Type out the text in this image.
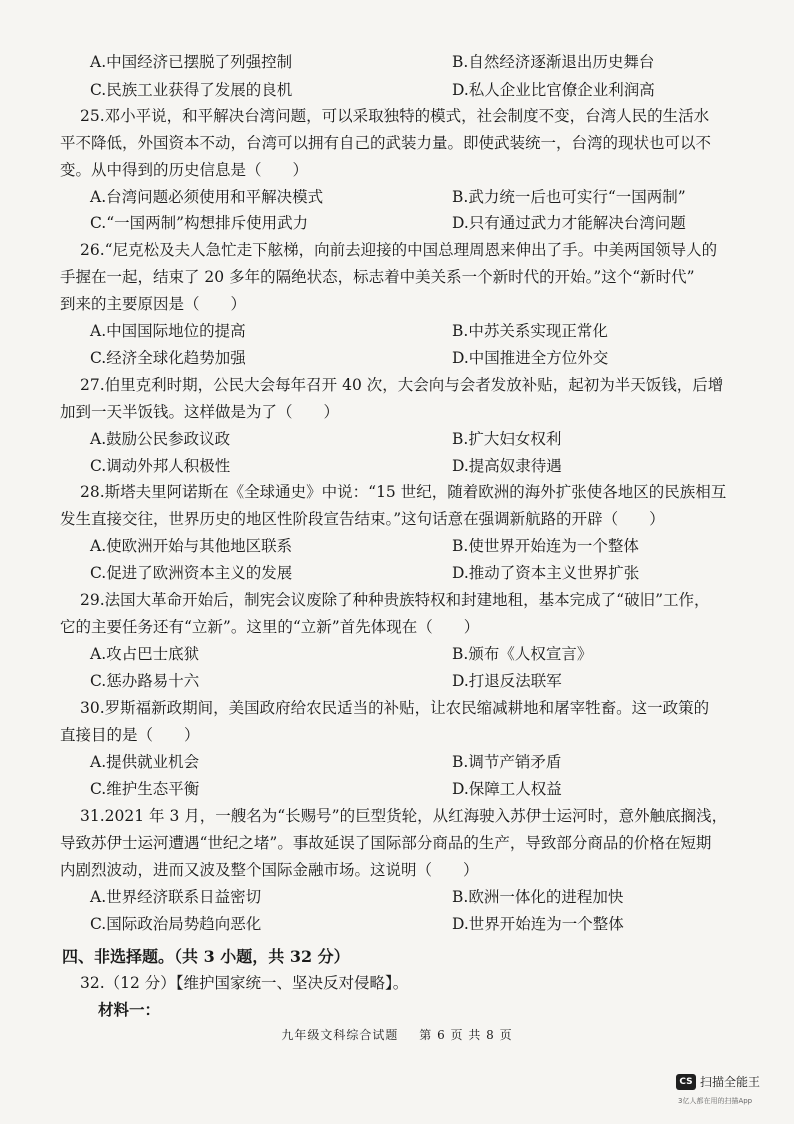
A.中国经济已摆脱了列强控制	B.自然经济逐渐退出历史舞台
C.民族工业获得了发展的良机	D.私人企业比官僚企业利润高
25.邓小平说，和平解决台湾问题，可以采取独特的模式，社会制度不变，台湾人民的生活水
平不降低，外国资本不动，台湾可以拥有自己的武装力量。即使武装统一，台湾的现状也可以不
变。从中得到的历史信息是（　　）
A.台湾问题必须使用和平解决模式	B.武力统一后也可实行“一国两制”
C.“一国两制”构想排斥使用武力	D.只有通过武力才能解决台湾问题
26.“尼克松及夫人急忙走下舷梯，向前去迎接的中国总理周恩来伸出了手。中美两国领导人的
手握在一起，结束了 20 多年的隔绝状态，标志着中美关系一个新时代的开始。”这个“新时代”
到来的主要原因是（　　）
A.中国国际地位的提高	B.中苏关系实现正常化
C.经济全球化趋势加强	D.中国推进全方位外交
27.伯里克利时期，公民大会每年召开 40 次，大会向与会者发放补贴，起初为半天饭钱，后增
加到一天半饭钱。这样做是为了（　　）
A.鼓励公民参政议政	B.扩大妇女权利
C.调动外邦人积极性	D.提高奴隶待遇
28.斯塔夫里阿诺斯在《全球通史》中说：“15 世纪，随着欧洲的海外扩张使各地区的民族相互
发生直接交往，世界历史的地区性阶段宣告结束。”这句话意在强调新航路的开辟（　　）
A.使欧洲开始与其他地区联系	B.使世界开始连为一个整体
C.促进了欧洲资本主义的发展	D.推动了资本主义世界扩张
29.法国大革命开始后，制宪会议废除了种种贵族特权和封建地租，基本完成了“破旧”工作，
它的主要任务还有“立新”。这里的“立新”首先体现在（　　）
A.攻占巴士底狱	B.颁布《人权宣言》
C.惩办路易十六	D.打退反法联军
30.罗斯福新政期间，美国政府给农民适当的补贴，让农民缩减耕地和屠宰牲畜。这一政策的
直接目的是（　　）
A.提供就业机会	B.调节产销矛盾
C.维护生态平衡	D.保障工人权益
31.2021 年 3 月，一艘名为“长赐号”的巨型货轮，从红海驶入苏伊士运河时，意外触底搁浅，
导致苏伊士运河遭遇“世纪之堵”。事故延误了国际部分商品的生产，导致部分商品的价格在短期
内剧烈波动，进而又波及整个国际金融市场。这说明（　　）
A.世界经济联系日益密切	B.欧洲一体化的进程加快
C.国际政治局势趋向恶化	D.世界开始连为一个整体
四、非选择题。（共 3 小题，共 32 分）
32.（12 分）【维护国家统一、坚决反对侵略】。
材料一：
九年级文科综合试题 第 6 页 共 8 页
CS 扫描全能王
3亿人都在用的扫描App
